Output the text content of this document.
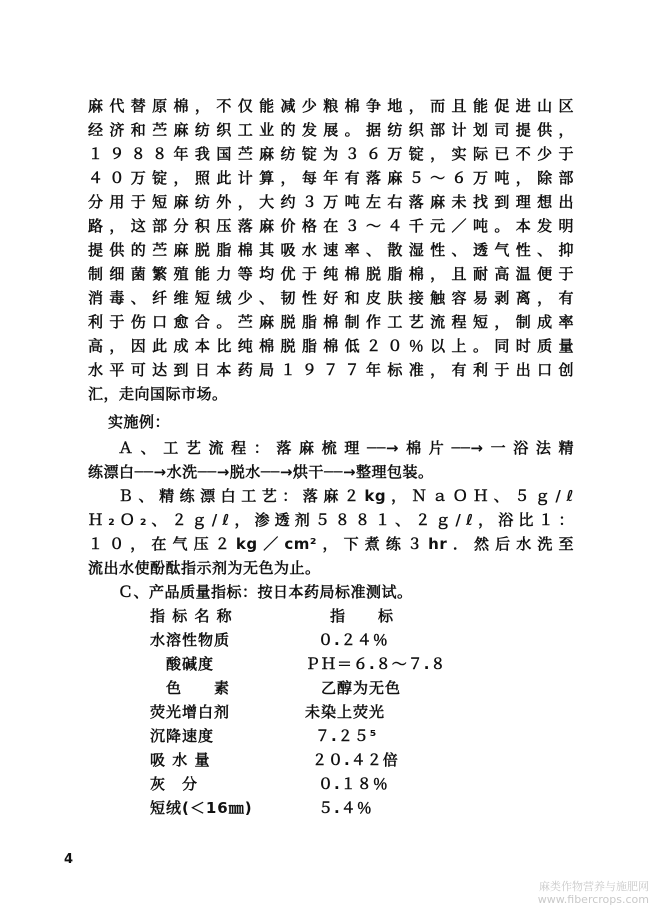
麻代替原棉，不仅能减少粮棉争地，而且能促进山区
经济和苎麻纺织工业的发展。据纺织部计划司提供，
１９８８年我国苎麻纺锭为３６万锭，实际已不少于
４０万锭，照此计算，每年有落麻５～６万吨，除部
分用于短麻纺外，大约３万吨左右落麻未找到理想出
路，这部分积压落麻价格在３～４千元／吨。本发明
提供的苎麻脱脂棉其吸水速率、散湿性、透气性、抑
制细菌繁殖能力等均优于纯棉脱脂棉，且耐高温便于
消毒、纤维短绒少、韧性好和皮肤接触容易剥离，有
利于伤口愈合。苎麻脱脂棉制作工艺流程短，制成率
高，因此成本比纯棉脱脂棉低２０％以上。同时质量
水平可达到日本药局１９７７年标准，有利于出口创
汇，走向国际市场。
实施例：
Ａ、工艺流程：落麻梳理──→棉片──→一浴法精
练漂白──→水洗──→脱水──→烘干──→整理包装。
Ｂ、精练漂白工艺：落麻２kg，ＮａＯＨ、５ｇ/ℓ
Ｈ₂Ｏ₂、２ｇ/ℓ，渗透剂５８８１、２ｇ/ℓ，浴比１：
１０，在气压２kg／cm²，下煮练３hr．然后水洗至
流出水使酚酞指示剂为无色为止。
Ｃ、产品质量指标：按日本药局标准测试。
指 标 名 称	指　　标
水溶性物质	０.２４％
　酸碱度	ＰＨ＝６.８～７.８
　色　　素	　乙醇为无色
荧光增白剂	未染上荧光
沉降速度	７.２５⁵
吸 水 量	２０.４２倍
灰　分	０.１８％
短绒(＜16㎜)	５.４％
4
麻类作物营养与施肥网
www.fibercrops.com
